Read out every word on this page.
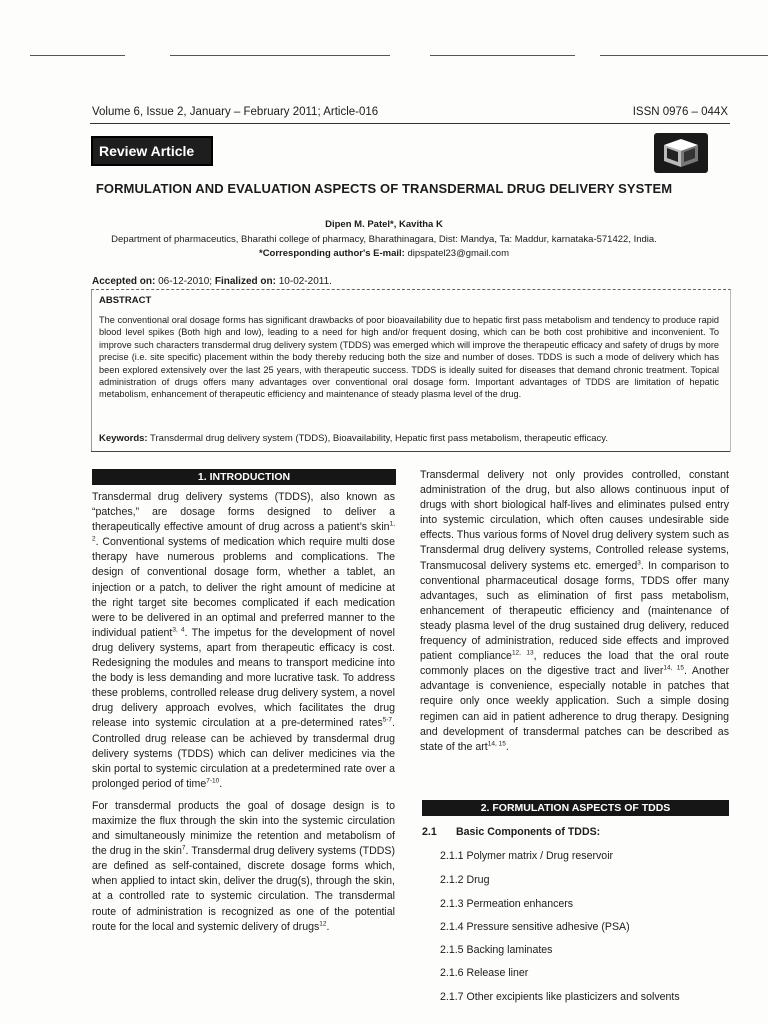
Volume 6, Issue 2, January – February 2011; Article-016	ISSN 0976 – 044X
Review Article
FORMULATION AND EVALUATION ASPECTS OF TRANSDERMAL DRUG DELIVERY SYSTEM
Dipen M. Patel*, Kavitha K
Department of pharmaceutics, Bharathi college of pharmacy, Bharathinagara, Dist: Mandya, Ta: Maddur, karnataka-571422, India.
*Corresponding author's E-mail: dipspatel23@gmail.com
Accepted on: 06-12-2010; Finalized on: 10-02-2011.
ABSTRACT
The conventional oral dosage forms has significant drawbacks of poor bioavailability due to hepatic first pass metabolism and tendency to produce rapid blood level spikes (Both high and low), leading to a need for high and/or frequent dosing, which can be both cost prohibitive and inconvenient. To improve such characters transdermal drug delivery system (TDDS) was emerged which will improve the therapeutic efficacy and safety of drugs by more precise (i.e. site specific) placement within the body thereby reducing both the size and number of doses. TDDS is such a mode of delivery which has been explored extensively over the last 25 years, with therapeutic success. TDDS is ideally suited for diseases that demand chronic treatment. Topical administration of drugs offers many advantages over conventional oral dosage form. Important advantages of TDDS are limitation of hepatic metabolism, enhancement of therapeutic efficiency and maintenance of steady plasma level of the drug.
Keywords: Transdermal drug delivery system (TDDS), Bioavailability, Hepatic first pass metabolism, therapeutic efficacy.
1. INTRODUCTION

Transdermal drug delivery systems (TDDS), also known as “patches,” are dosage forms designed to deliver a therapeutically effective amount of drug across a patient’s skin$^{1, 2}$. Conventional systems of medication which require multi dose therapy have numerous problems and complications. The design of conventional dosage form, whether a tablet, an injection or a patch, to deliver the right amount of medicine at the right target site becomes complicated if each medication were to be delivered in an optimal and preferred manner to the individual patient$^{3, 4}$. The impetus for the development of novel drug delivery systems, apart from therapeutic efficacy is cost. Redesigning the modules and means to transport medicine into the body is less demanding and more lucrative task. To address these problems, controlled release drug delivery system, a novel drug delivery approach evolves, which facilitates the drug release into systemic circulation at a pre-determined rates$^{5-7}$. Controlled drug release can be achieved by transdermal drug delivery systems (TDDS) which can deliver medicines via the skin portal to systemic circulation at a predetermined rate over a prolonged period of time$^{7-10}$.

For transdermal products the goal of dosage design is to maximize the flux through the skin into the systemic circulation and simultaneously minimize the retention and metabolism of the drug in the skin$^7$. Transdermal drug delivery systems (TDDS) are defined as self-contained, discrete dosage forms which, when applied to intact skin, deliver the drug(s), through the skin, at a controlled rate to systemic circulation. The transdermal route of administration is recognized as one of the potential route for the local and systemic delivery of drugs$^{12}$.

Transdermal delivery not only provides controlled, constant administration of the drug, but also allows continuous input of drugs with short biological half-lives and eliminates pulsed entry into systemic circulation, which often causes undesirable side effects. Thus various forms of Novel drug delivery system such as Transdermal drug delivery systems, Controlled release systems, Transmucosal delivery systems etc. emerged$^3$. In comparison to conventional pharmaceutical dosage forms, TDDS offer many advantages, such as elimination of first pass metabolism, enhancement of therapeutic efficiency and (maintenance of steady plasma level of the drug sustained drug delivery, reduced frequency of administration, reduced side effects and improved patient compliance$^{12, 13}$, reduces the load that the oral route commonly places on the digestive tract and liver$^{14, 15}$. Another advantage is convenience, especially notable in patches that require only once weekly application. Such a simple dosing regimen can aid in patient adherence to drug therapy. Designing and development of transdermal patches can be described as state of the art$^{14, 15}$.

2. FORMULATION ASPECTS OF TDDS
2.1 Basic Components of TDDS:
2.1.1 Polymer matrix / Drug reservoir
2.1.2 Drug
2.1.3 Permeation enhancers
2.1.4 Pressure sensitive adhesive (PSA)
2.1.5 Backing laminates
2.1.6 Release liner
2.1.7 Other excipients like plasticizers and solvents
